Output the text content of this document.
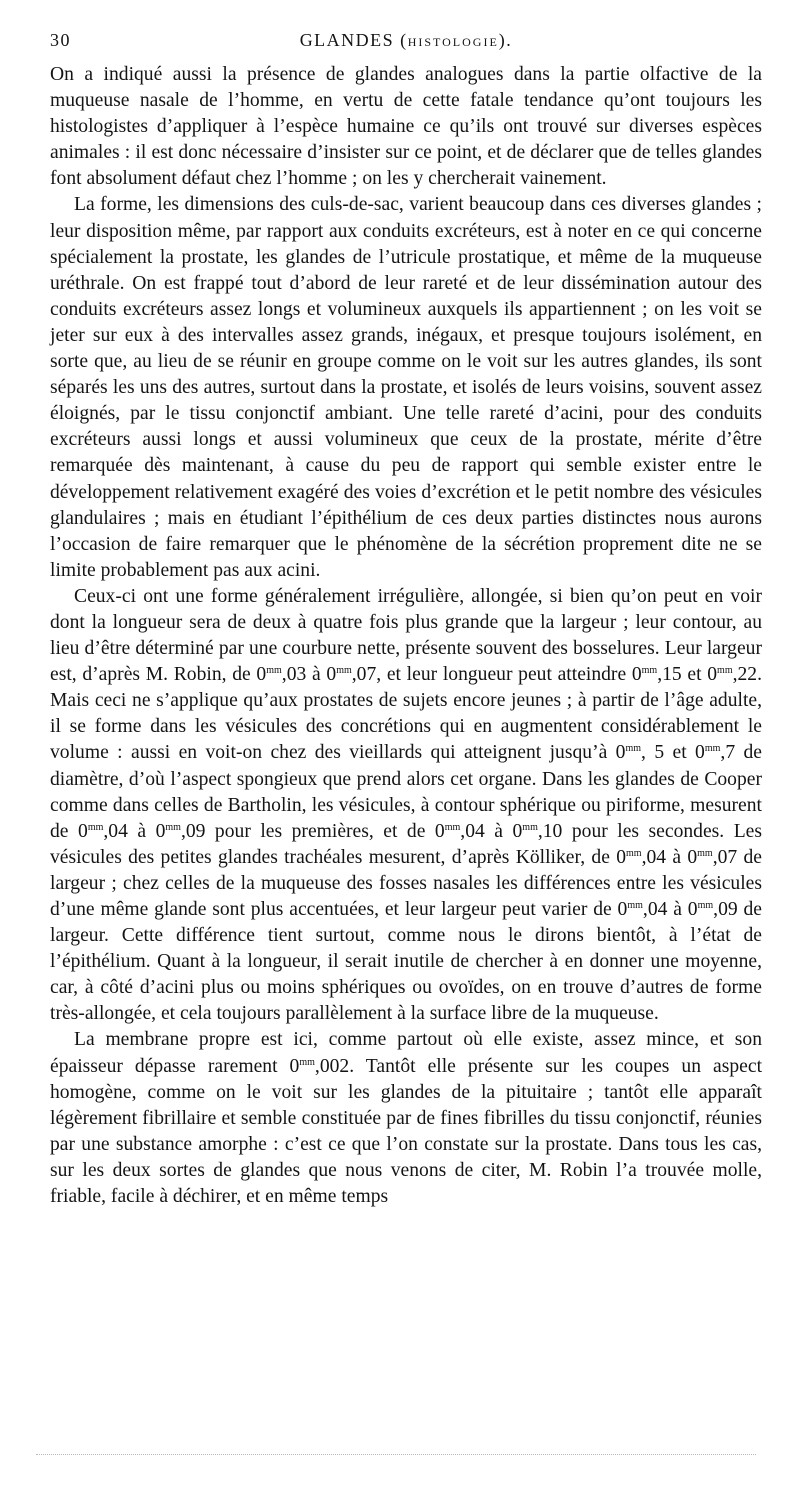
30	GLANDES (HISTOLOGIE).

On a indiqué aussi la présence de glandes analogues dans la partie olfactive de la muqueuse nasale de l’homme, en vertu de cette fatale tendance qu’ont toujours les histologistes d’appliquer à l’espèce humaine ce qu’ils ont trouvé sur diverses espèces animales : il est donc nécessaire d’insister sur ce point, et de déclarer que de telles glandes font absolument défaut chez l’homme ; on les y chercherait vainement.

La forme, les dimensions des culs-de-sac, varient beaucoup dans ces diverses glandes ; leur disposition même, par rapport aux conduits excréteurs, est à noter en ce qui concerne spécialement la prostate, les glandes de l’utricule prostatique, et même de la muqueuse uréthrale. On est frappé tout d’abord de leur rareté et de leur dissémination autour des conduits excréteurs assez longs et volumineux auxquels ils appartiennent ; on les voit se jeter sur eux à des intervalles assez grands, inégaux, et presque toujours isolément, en sorte que, au lieu de se réunir en groupe comme on le voit sur les autres glandes, ils sont séparés les uns des autres, surtout dans la prostate, et isolés de leurs voisins, souvent assez éloignés, par le tissu conjonctif ambiant. Une telle rareté d’acini, pour des conduits excréteurs aussi longs et aussi volumineux que ceux de la prostate, mérite d’être remarquée dès maintenant, à cause du peu de rapport qui semble exister entre le développement relativement exagéré des voies d’excrétion et le petit nombre des vésicules glandulaires ; mais en étudiant l’épithélium de ces deux parties distinctes nous aurons l’occasion de faire remarquer que le phénomène de la sécrétion proprement dite ne se limite probablement pas aux acini.

Ceux-ci ont une forme généralement irrégulière, allongée, si bien qu’on peut en voir dont la longueur sera de deux à quatre fois plus grande que la largeur ; leur contour, au lieu d’être déterminé par une courbure nette, présente souvent des bosselures. Leur largeur est, d’après M. Robin, de $0^{mm},03$ à $0^{mm},07$, et leur longueur peut atteindre $0^{mm},15$ et $0^{mm},22$. Mais ceci ne s’applique qu’aux prostates de sujets encore jeunes ; à partir de l’âge adulte, il se forme dans les vésicules des concrétions qui en augmentent considérablement le volume : aussi en voit-on chez des vieillards qui atteignent jusqu’à $0^{mm}$, 5 et $0^{mm},7$ de diamètre, d’où l’aspect spongieux que prend alors cet organe. Dans les glandes de Cooper comme dans celles de Bartholin, les vésicules, à contour sphérique ou piriforme, mesurent de $0^{mm},04$ à $0^{mm},09$ pour les premières, et de $0^{mm},04$ à $0^{mm},10$ pour les secondes. Les vésicules des petites glandes trachéales mesurent, d’après Kölliker, de $0^{mm},04$ à $0^{mm},07$ de largeur ; chez celles de la muqueuse des fosses nasales les différences entre les vésicules d’une même glande sont plus accentuées, et leur largeur peut varier de $0^{mm},04$ à $0^{mm},09$ de largeur. Cette différence tient surtout, comme nous le dirons bientôt, à l’état de l’épithélium. Quant à la longueur, il serait inutile de chercher à en donner une moyenne, car, à côté d’acini plus ou moins sphériques ou ovoïdes, on en trouve d’autres de forme très-allongée, et cela toujours parallèlement à la surface libre de la muqueuse.

La membrane propre est ici, comme partout où elle existe, assez mince, et son épaisseur dépasse rarement $0^{mm},002$. Tantôt elle présente sur les coupes un aspect homogène, comme on le voit sur les glandes de la pituitaire ; tantôt elle apparaît légèrement fibrillaire et semble constituée par de fines fibrilles du tissu conjonctif, réunies par une substance amorphe : c’est ce que l’on constate sur la prostate. Dans tous les cas, sur les deux sortes de glandes que nous venons de citer, M. Robin l’a trouvée molle, friable, facile à déchirer, et en même temps
